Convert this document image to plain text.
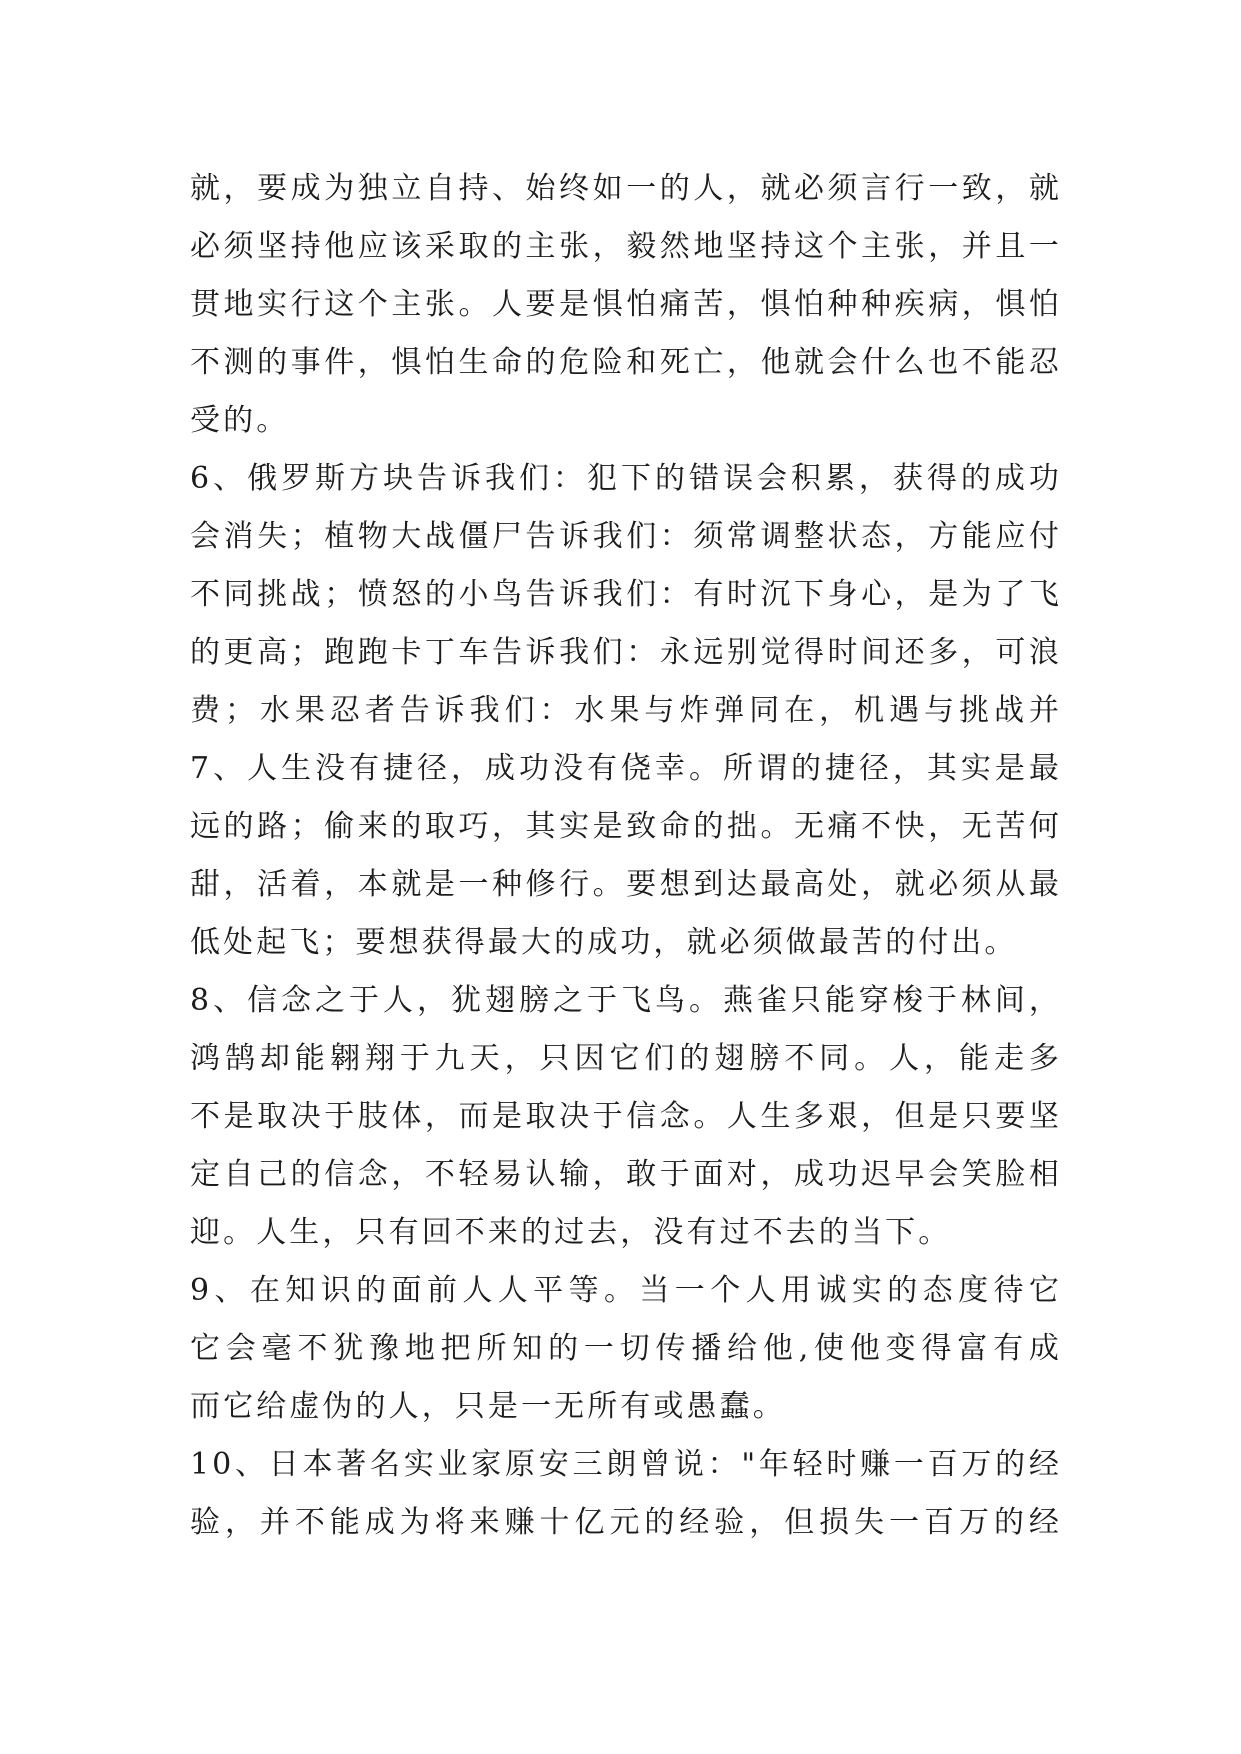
就，要成为独立自持、始终如一的人，就必须言行一致，就
必须坚持他应该采取的主张，毅然地坚持这个主张，并且一
贯地实行这个主张。人要是惧怕痛苦，惧怕种种疾病，惧怕
不测的事件，惧怕生命的危险和死亡，他就会什么也不能忍
受的。
6、俄罗斯方块告诉我们：犯下的错误会积累，获得的成功
会消失；植物大战僵尸告诉我们：须常调整状态，方能应付
不同挑战；愤怒的小鸟告诉我们：有时沉下身心，是为了飞
的更高；跑跑卡丁车告诉我们：永远别觉得时间还多，可浪
费；水果忍者告诉我们：水果与炸弹同在，机遇与挑战并
7、人生没有捷径，成功没有侥幸。所谓的捷径，其实是最
远的路；偷来的取巧，其实是致命的拙。无痛不快，无苦何
甜，活着，本就是一种修行。要想到达最高处，就必须从最
低处起飞；要想获得最大的成功，就必须做最苦的付出。
8、信念之于人，犹翅膀之于飞鸟。燕雀只能穿梭于林间，
鸿鹄却能翱翔于九天，只因它们的翅膀不同。人，能走多
不是取决于肢体，而是取决于信念。人生多艰，但是只要坚
定自己的信念，不轻易认输，敢于面对，成功迟早会笑脸相
迎。人生，只有回不来的过去，没有过不去的当下。
9、在知识的面前人人平等。当一个人用诚实的态度待它
它会毫不犹豫地把所知的一切传播给他,使他变得富有成
而它给虚伪的人，只是一无所有或愚蠢。
10、日本著名实业家原安三朗曾说："年轻时赚一百万的经
验，并不能成为将来赚十亿元的经验，但损失一百万的经
